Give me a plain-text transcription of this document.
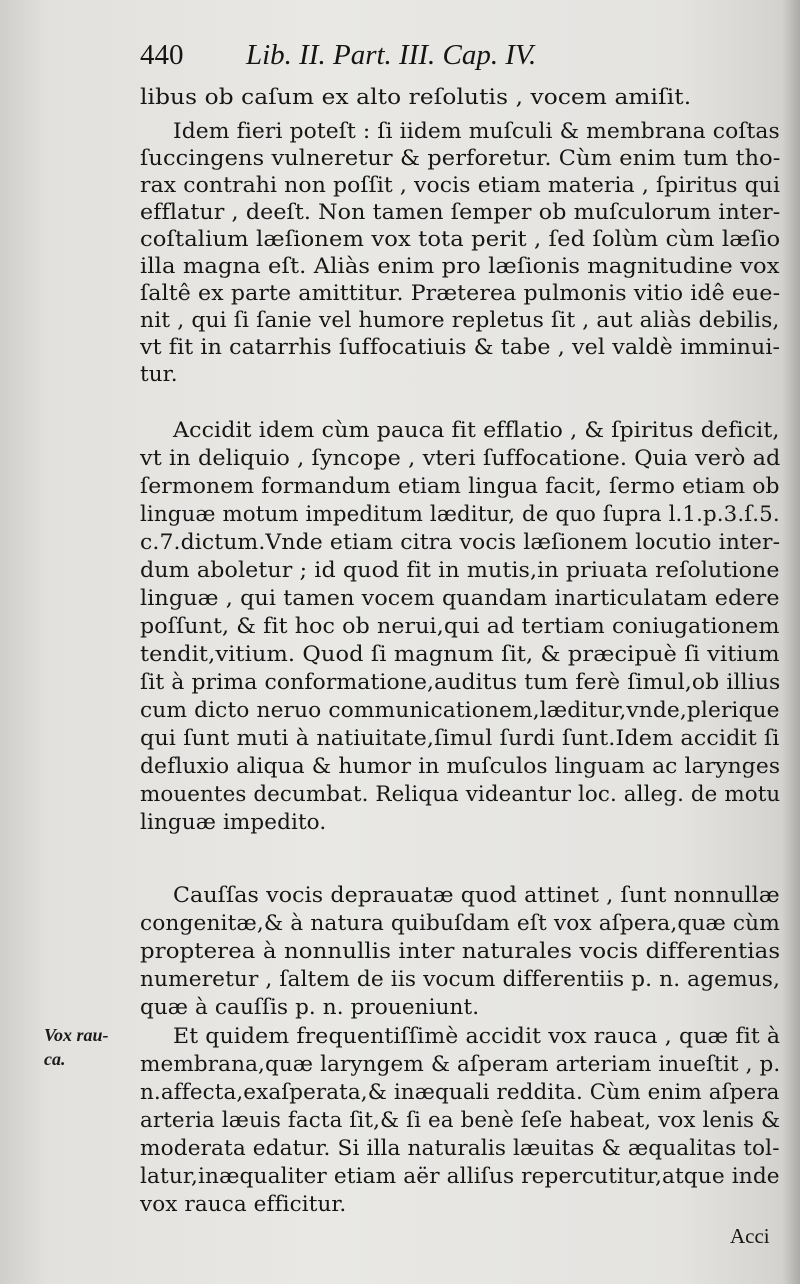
440 Lib. II. Part. III. Cap. IV.
Vox rau-
ca.
libus ob caſum ex alto reſolutis , vocem amiſit.
Idem fieri poteſt : ſi iidem muſculi & membrana coſtas
ſuccingens vulneretur & perforetur. Cùm enim tum tho-
rax contrahi non poſſit , vocis etiam materia , ſpiritus qui
efflatur , deeſt. Non tamen ſemper ob muſculorum inter-
coſtalium læſionem vox tota perit , ſed ſolùm cùm læſio
illa magna eſt. Aliàs enim pro læſionis magnitudine vox
ſaltê ex parte amittitur. Præterea pulmonis vitio idê eue-
nit , qui ſi ſanie vel humore repletus ſit , aut aliàs debilis,
vt fit in catarrhis ſuffocatiuis & tabe , vel valdè imminui-
tur.
Accidit idem cùm pauca fit efflatio , & ſpiritus deficit,
vt in deliquio , ſyncope , vteri ſuffocatione. Quia verò ad
ſermonem formandum etiam lingua facit, ſermo etiam ob
linguæ motum impeditum læditur, de quo ſupra l.1.p.3.ſ.5.
c.7.dictum.Vnde etiam citra vocis læſionem locutio inter-
dum aboletur ; id quod fit in mutis,in priuata reſolutione
linguæ , qui tamen vocem quandam inarticulatam edere
poſſunt, & fit hoc ob nerui,qui ad tertiam coniugationem
tendit,vitium. Quod ſi magnum ſit, & præcipuè ſi vitium
ſit à prima conformatione,auditus tum ferè ſimul,ob illius
cum dicto neruo communicationem,læditur,vnde,plerique
qui ſunt muti à natiuitate,ſimul ſurdi ſunt.Idem accidit ſi
defluxio aliqua & humor in muſculos linguam ac larynges
mouentes decumbat. Reliqua videantur loc. alleg. de motu
linguæ impedito.
Cauſſas vocis deprauatæ quod attinet , ſunt nonnullæ
congenitæ,& à natura quibuſdam eſt vox aſpera,quæ cùm
propterea à nonnullis inter naturales vocis differentias
numeretur , ſaltem de iis vocum differentiis p. n. agemus,
quæ à cauſſis p. n. proueniunt.
Et quidem frequentiſſimè accidit vox rauca , quæ fit à
membrana,quæ laryngem & aſperam arteriam inueſtit , p.
n.affecta,exaſperata,& inæquali reddita. Cùm enim aſpera
arteria læuis facta ſit,& ſi ea benè ſeſe habeat, vox lenis &
moderata edatur. Si illa naturalis læuitas & æqualitas tol-
latur,inæqualiter etiam aër alliſus repercutitur,atque inde
vox rauca efficitur.
Acci
